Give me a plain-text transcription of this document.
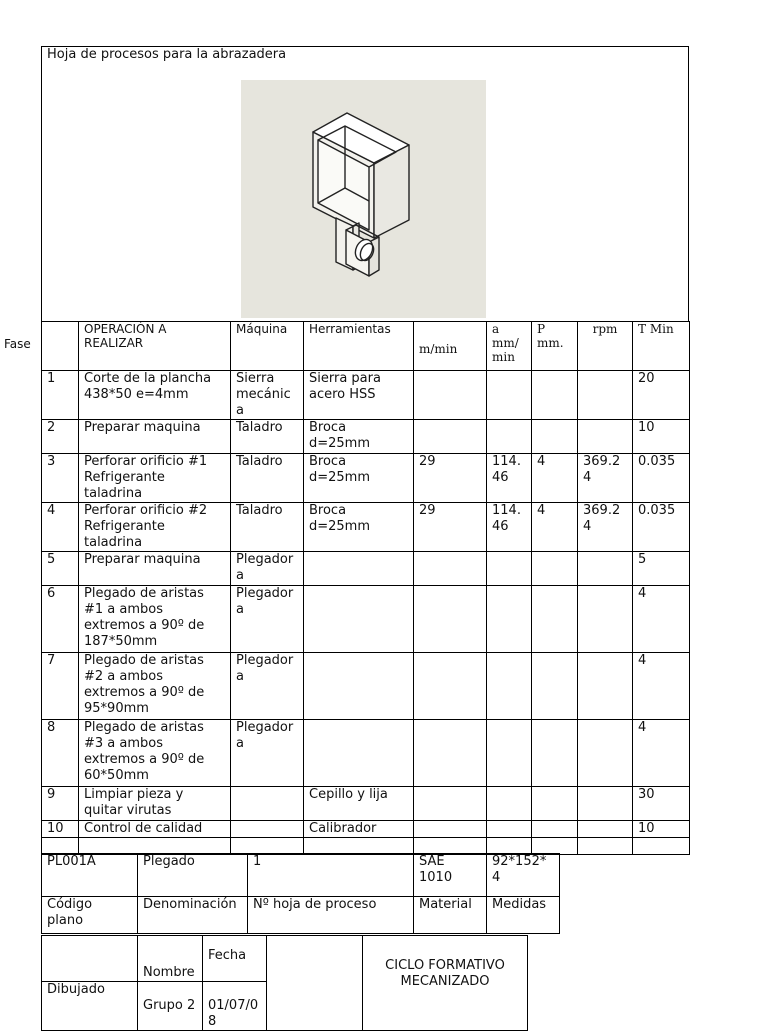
Hoja de procesos para la abrazadera
Fase
	OPERACIÓN A REALIZAR	Máquina	Herramientas	m/min	a mm/ min	P mm.	rpm	T Min
1	Corte de la plancha 438*50 e=4mm	Sierra mecánica	Sierra para acero HSS					20
2	Preparar maquina	Taladro	Broca d=25mm					10
3	Perforar orificio #1 Refrigerante taladrina	Taladro	Broca d=25mm	29	114.46	4	369.24	0.035
4	Perforar orificio #2 Refrigerante taladrina	Taladro	Broca d=25mm	29	114.46	4	369.24	0.035
5	Preparar maquina	Plegadora						5
6	Plegado de aristas #1 a ambos extremos a 90º de 187*50mm	Plegadora						4
7	Plegado de aristas #2 a ambos extremos a 90º de 95*90mm	Plegadora						4
8	Plegado de aristas #3 a ambos extremos a 90º de 60*50mm	Plegadora						4
9	Limpiar pieza y quitar virutas		Cepillo y lija					30
10	Control de calidad		Calibrador					10

PL001A	Plegado	1	SAE 1010	92*152*4
Código plano	Denominación	Nº hoja de proceso	Material	Medidas
	Nombre	Fecha		CICLO FORMATIVO MECANIZADO
Dibujado	Grupo 2	01/07/08		
